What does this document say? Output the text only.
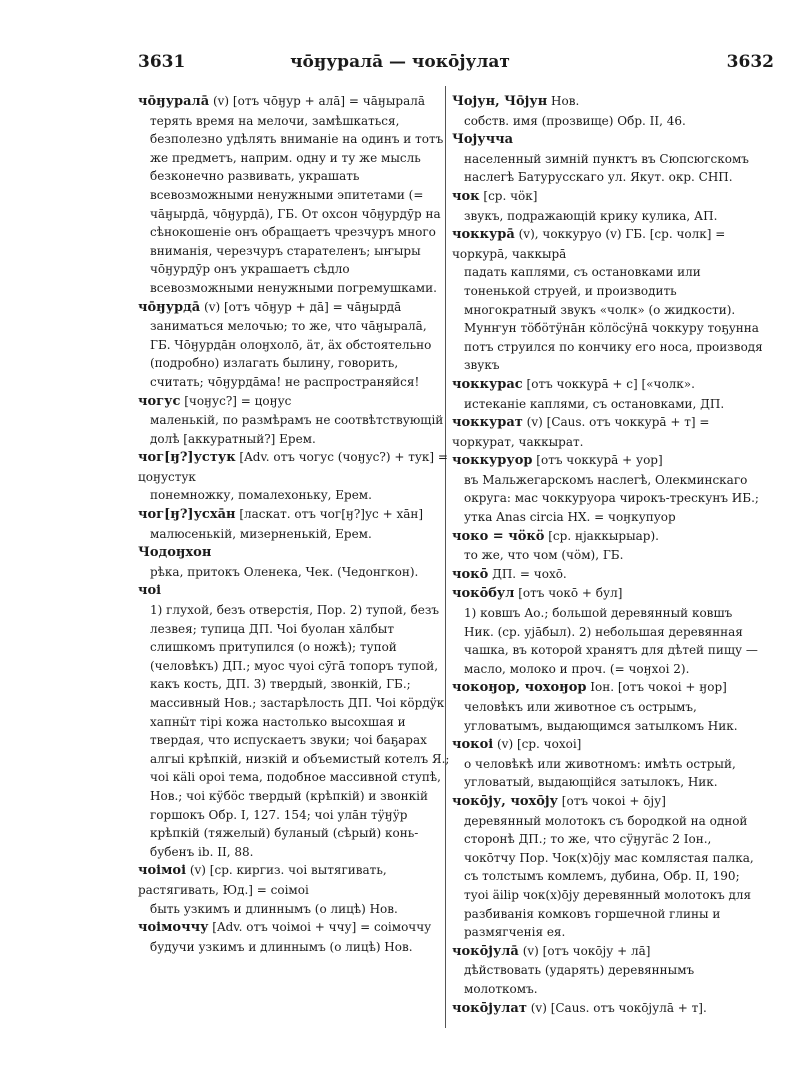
3631	чо̄ӈурала̄ — чокōјулат	3632
чо̄ӈурала̄ (v) [отъ чо̄ӈур + ала̄] = ча̄ӈырала̄
терять время на мелочи, замѣшкаться, безполезно удѣлять вниманіе на одинъ и тотъ же предметъ, наприм. одну и ту же мысль безконечно развивать, украшать всевозможными ненужными эпитетами (= ча̄ӈырда̄, чо̄ӈурда̄), ГБ. От охсон чо̄ӈурдӯр на сѣнокошеніе онъ обращаетъ чрезчуръ много вниманія, черезчуръ старателенъ; ыҥыры чо̄ӈурдӯр онъ украшаетъ сѣдло всевозможными ненужными погремушками.
чо̄ӈурда̄ (v) [отъ чо̄ӈур + да̄] = ча̄ӈырда̄
заниматься мелочью; то же, что ча̄ӈырала̄, ГБ. Чо̄ӈурда̄н олоӈхолō, ӓт, ӓх обстоятельно (подробно) излагать былину, говорить, считать; чо̄ӈурда̄ма! не распространяйся!
чогус [чоӈус?] = цоӈус
маленькій, по размѣрамъ не соотвѣтствующій долѣ [аккуратный?] Ерем.
чог[ӈ?]устук [Adv. отъ чогус (чоӈус?) + тук] = цоӈустук
понемножку, помалехоньку, Ерем.
чог[ӈ?]усха̄н [ласкат. отъ чог[ӈ?]ус + ха̄н]
малюсенькій, мизерненькій, Ерем.
Чодоӈхон
рѣка, притокъ Оленека, Чек. (Чедонгкон).
чоі
1) глухой, безъ отверстія, Пор. 2) тупой, безъ лезвея; тупица ДП. Чоі буолан ха̄лбыт слишкомъ притупился (о ножѣ); тупой (человѣкъ) ДП.; муос чуоі сӯга̄ топоръ тупой, какъ кость, ДП. 3) твердый, звонкій, ГБ.; массивный Нов.; застарѣлость ДП. Чоі кӧрдӱк хапнӹт тірі кожа настолько высохшая и твердая, что испускаетъ звуки; чоі баҕарах алгыі крѣпкій, низкій и объемистый котелъ Я.; чоі кӓlі ороі тема, подобное массивной ступѣ, Нов.; чоі кӱбӧс твердый (крѣпкій) и звонкій горшокъ Обр. I, 127. 154; чоі ула̄н тӱӈӱр крѣпкій (тяжелый) буланый (сѣрый) конь-бубенъ ib. II, 88.
чоімоі (v) [ср. киргиз. чоі вытягивать, растягивать, Юд.] = соімоі
быть узкимъ и длиннымъ (о лицѣ) Нов.
чоімоччу [Adv. отъ чоімоі + ччу] = соімоччу
будучи узкимъ и длиннымъ (о лицѣ) Нов.
Чојун, Чо̄јун Нов.
собств. имя (прозвище) Обр. II, 46.
Чојучча
населенный зимній пунктъ въ Сюпсюгскомъ наслегѣ Батурусскаго ул. Якут. окр. СНП.
чок [ср. чӧк]
звукъ, подражающій крику кулика, АП.
чоккура̄ (v), чоккуруо (v) ГБ. [ср. чолк] = чоркура̄, чаккыра̄
падать каплями, съ остановками или тоненькой струей, и производить многократный звукъ «чолк» (о жидкости). Мунҥун тӧбӧтӱна̄н кӧлӧсӱна̄ чоккуру тоҕунна потъ струился по кончику его носа, производя звукъ
чоккурас [отъ чоккура̄ + с] [«чолк».
истеканіе каплями, съ остановками, ДП.
чоккурат (v) [Caus. отъ чоккура̄ + т] = чоркурат, чаккырат.
чоккуруор [отъ чоккура̄ + уор]
въ Мальжегарскомъ наслегѣ, Олекминскаго округа: мас чоккуруора чирокъ-трескунъ ИБ.; утка Anas circia НХ. = чоӈкупуор
чоко = чӧкӧ [ср. нјаккырыар).
то же, что чом (чӧм), ГБ.
чокō ДП. = чохō.
чокōбул [отъ чокō + бул]
1) ковшъ Ао.; большой деревянный ковшъ Ник. (ср. уја̄был). 2) небольшая деревянная чашка, въ которой хранятъ для дѣтей пищу — масло, молоко и проч. (= чоӈхоі 2).
чокоӈор, чохоӈор Іон. [отъ чокоі + ӈор]
человѣкъ или животное съ острымъ, угловатымъ, выдающимся затылкомъ Ник.
чокоі (v) [ср. чохоі]
о человѣкѣ или животномъ: имѣть острый, угловатый, выдающійся затылокъ, Ник.
чокōју, чохōју [отъ чокоі + ōју]
деревянный молотокъ съ бородкой на одной сторонѣ ДП.; то же, что сӱӈугӓс 2 Іон., чокōтчу Пор. Чок(х)ōју мас комлястая палка, съ толстымъ комлемъ, дубина, Обр. II, 190; туоі ӓilip чок(х)ōју деревянный молотокъ для разбиванія комковъ горшечной глины и размягченія ея.
чокōјула̄ (v) [отъ чокōју + ла̄]
дѣйствовать (ударять) деревяннымъ молоткомъ.
чокōјулат (v) [Caus. отъ чокōјула̄ + т].
